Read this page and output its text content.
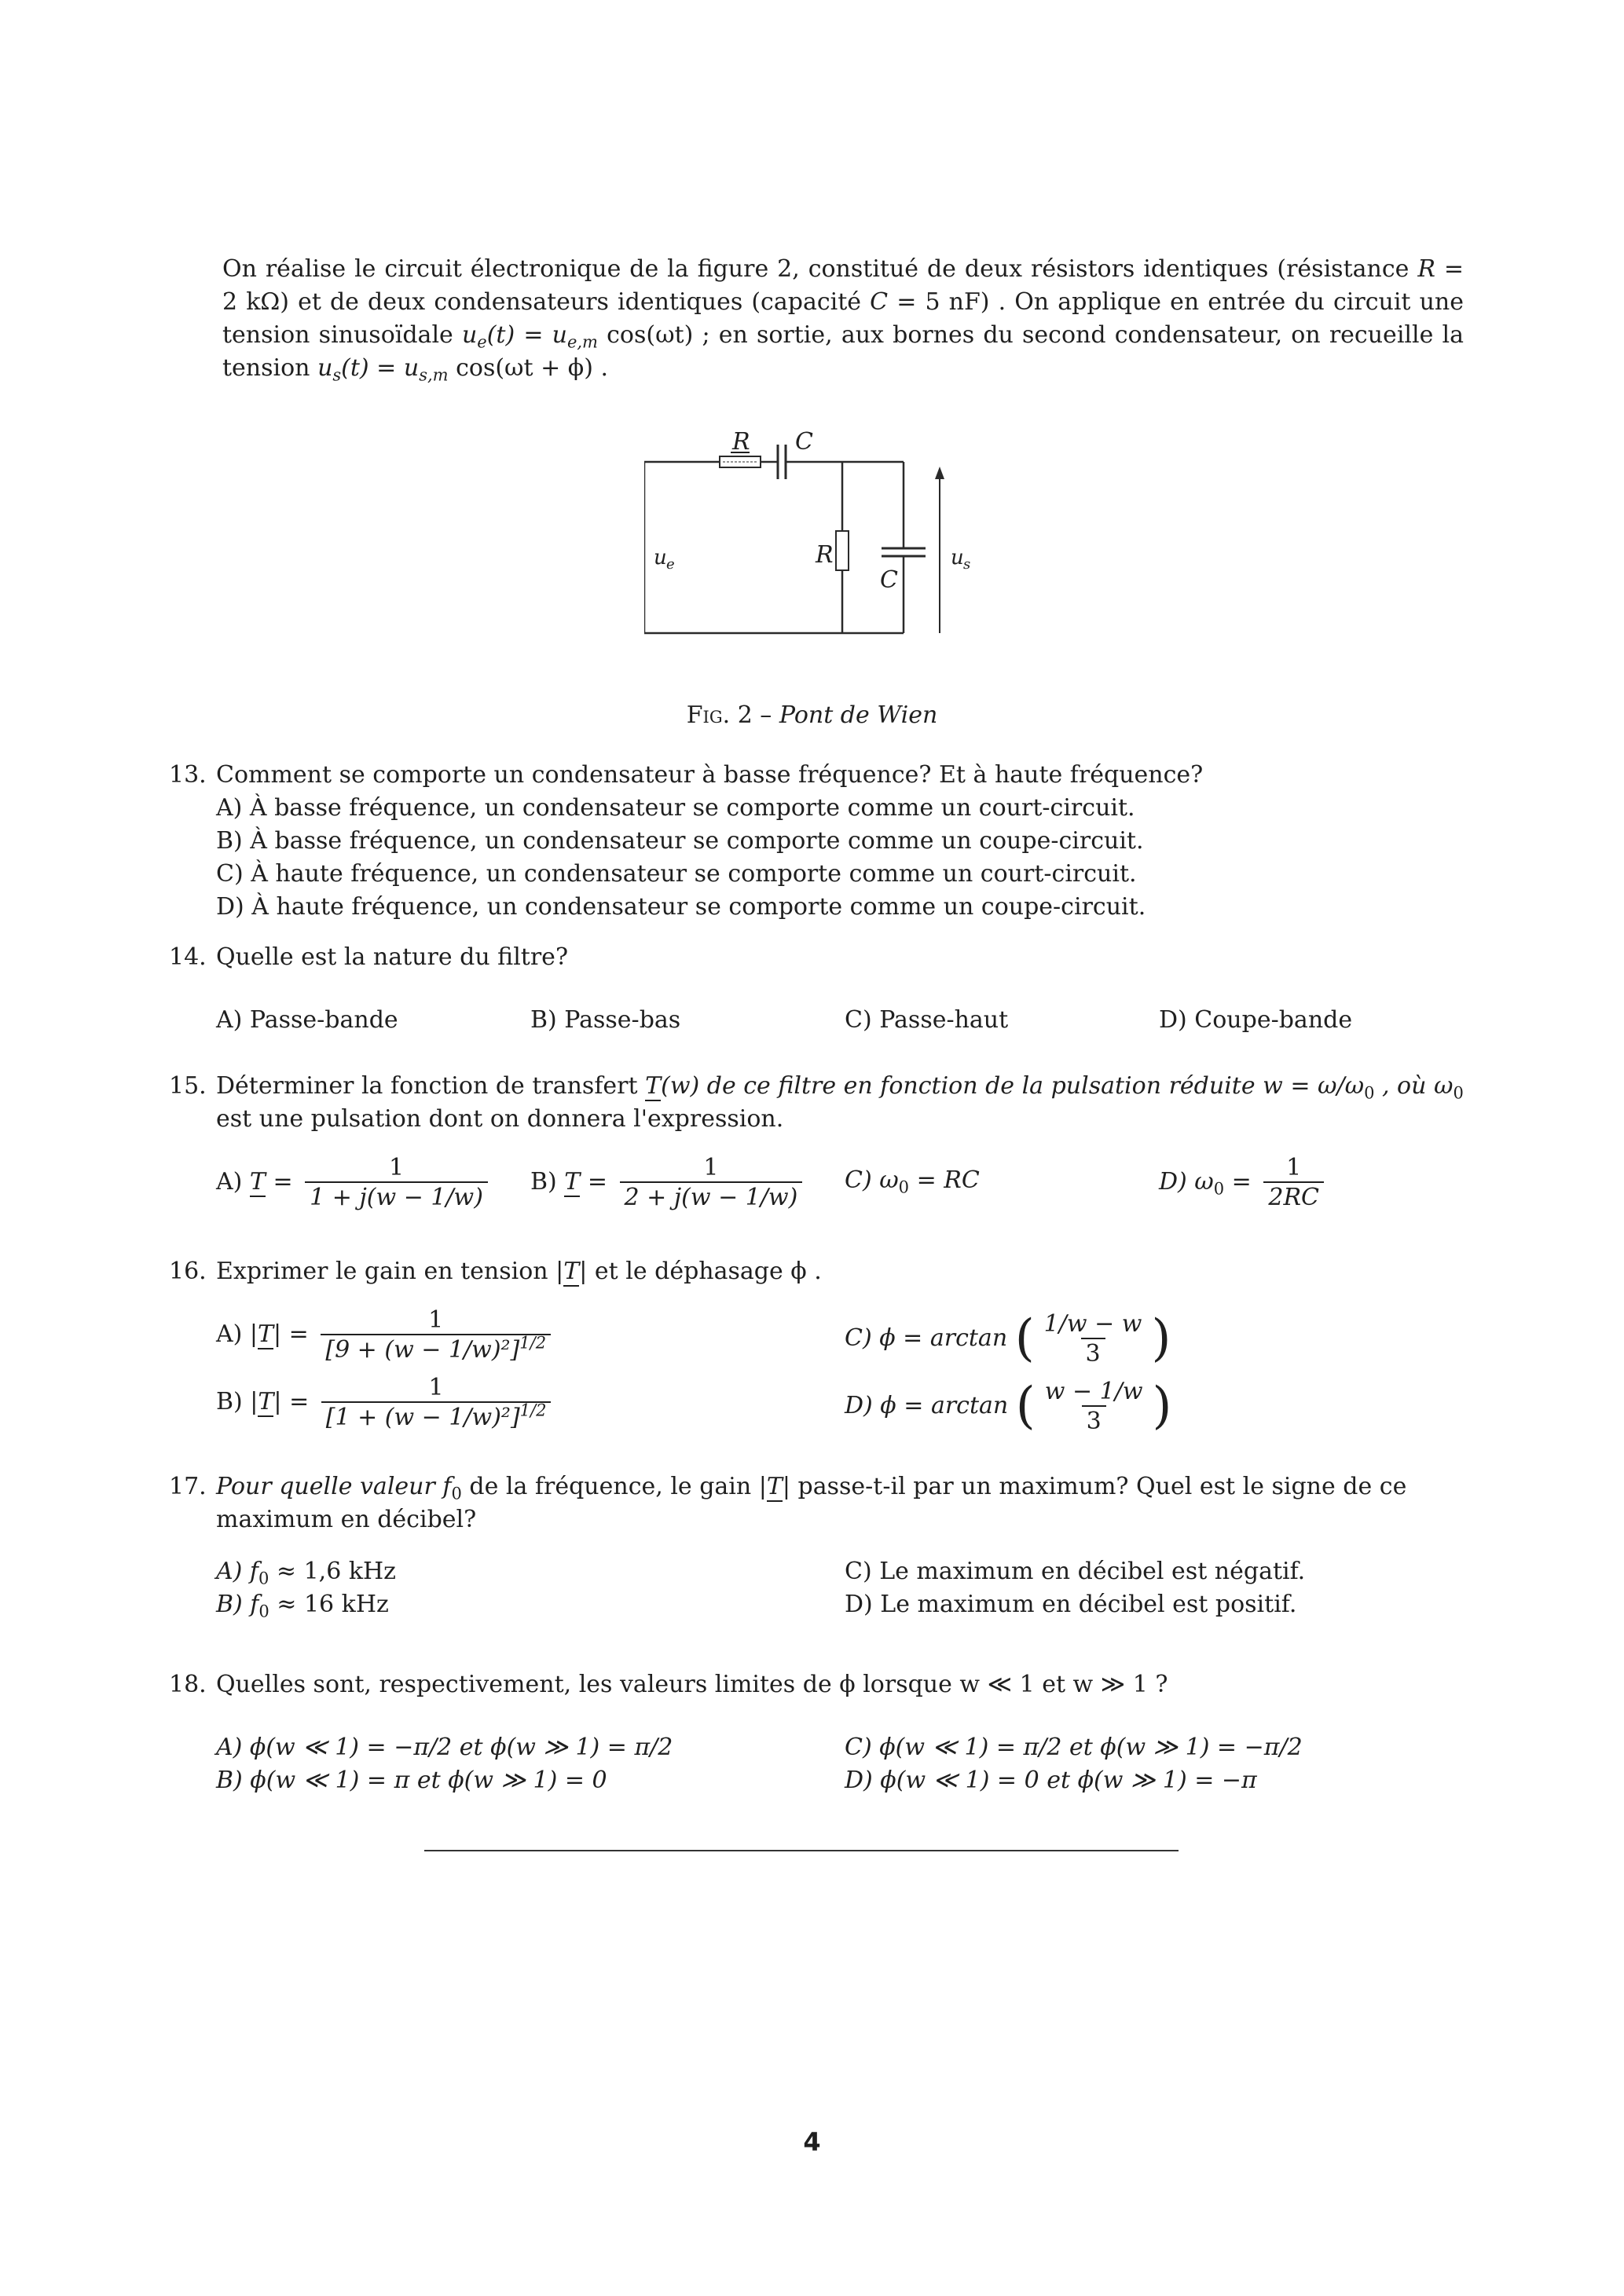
On réalise le circuit électronique de la figure 2, constitué de deux résistors identiques (résistance R = 2 kΩ) et de deux condensateurs identiques (capacité C = 5 nF) . On applique en entrée du circuit une tension sinusoïdale $u_e(t) = u_{e,m}$ cos(ωt) ; en sortie, aux bornes du second condensateur, on recueille la tension $u_s(t) = u_{s,m}$ cos(ωt + ϕ) .

R C
R
C
u e	u s
Fig. 2 – Pont de Wien
13. Comment se comporte un condensateur à basse fréquence? Et à haute fréquence?
A) À basse fréquence, un condensateur se comporte comme un court-circuit.
B) À basse fréquence, un condensateur se comporte comme un coupe-circuit.
C) À haute fréquence, un condensateur se comporte comme un court-circuit.
D) À haute fréquence, un condensateur se comporte comme un coupe-circuit.
14. Quelle est la nature du filtre?
A) Passe-bande	B) Passe-bas	C) Passe-haut	D) Coupe-bande
15. Déterminer la fonction de transfert T(w) de ce filtre en fonction de la pulsation réduite $w = \omega/\omega_0$ , où $\omega_0$
est une pulsation dont on donnera l'expression.
A) $T = \frac{1}{1 + j(w - 1/w)} B$) $T = \frac{1}{2 + j(w - 1/w)} C$) $\omega_0$ = RC	D) $\omega_0 = \frac{1}{2RC}$
16. Exprimer le gain en tension |T| et le déphasage ϕ .
A) $|T| = \frac{1}{[9 + (w - 1/w)^2]^{1/2}}$
B) $|T| = \frac{1}{[1 + (w - 1/w)^2]^{1/2}}$
C) ϕ = arctan ( $\frac{1/w - w}{3}$ )
D) ϕ = arctan ( $\frac{w - 1/w}{3}$ )
17. Pour quelle valeur $f_0$ de la fréquence, le gain |T| passe-t-il par un maximum? Quel est le signe de ce
maximum en décibel?
A) $f_0 \approx 1,6$ kHz
B) $f_0 \approx 16$ kHz
C) Le maximum en décibel est négatif.
D) Le maximum en décibel est positif.
18. Quelles sont, respectivement, les valeurs limites de ϕ lorsque w ≪ 1 et w ≫ 1 ?
A) ϕ(w ≪ 1) = −π/2 et ϕ(w ≫ 1) = π/2
B) ϕ(w ≪ 1) = π et ϕ(w ≫ 1) = 0
C) ϕ(w ≪ 1) = π/2 et ϕ(w ≫ 1) = −π/2
D) ϕ(w ≪ 1) = 0 et ϕ(w ≫ 1) = −π
4
